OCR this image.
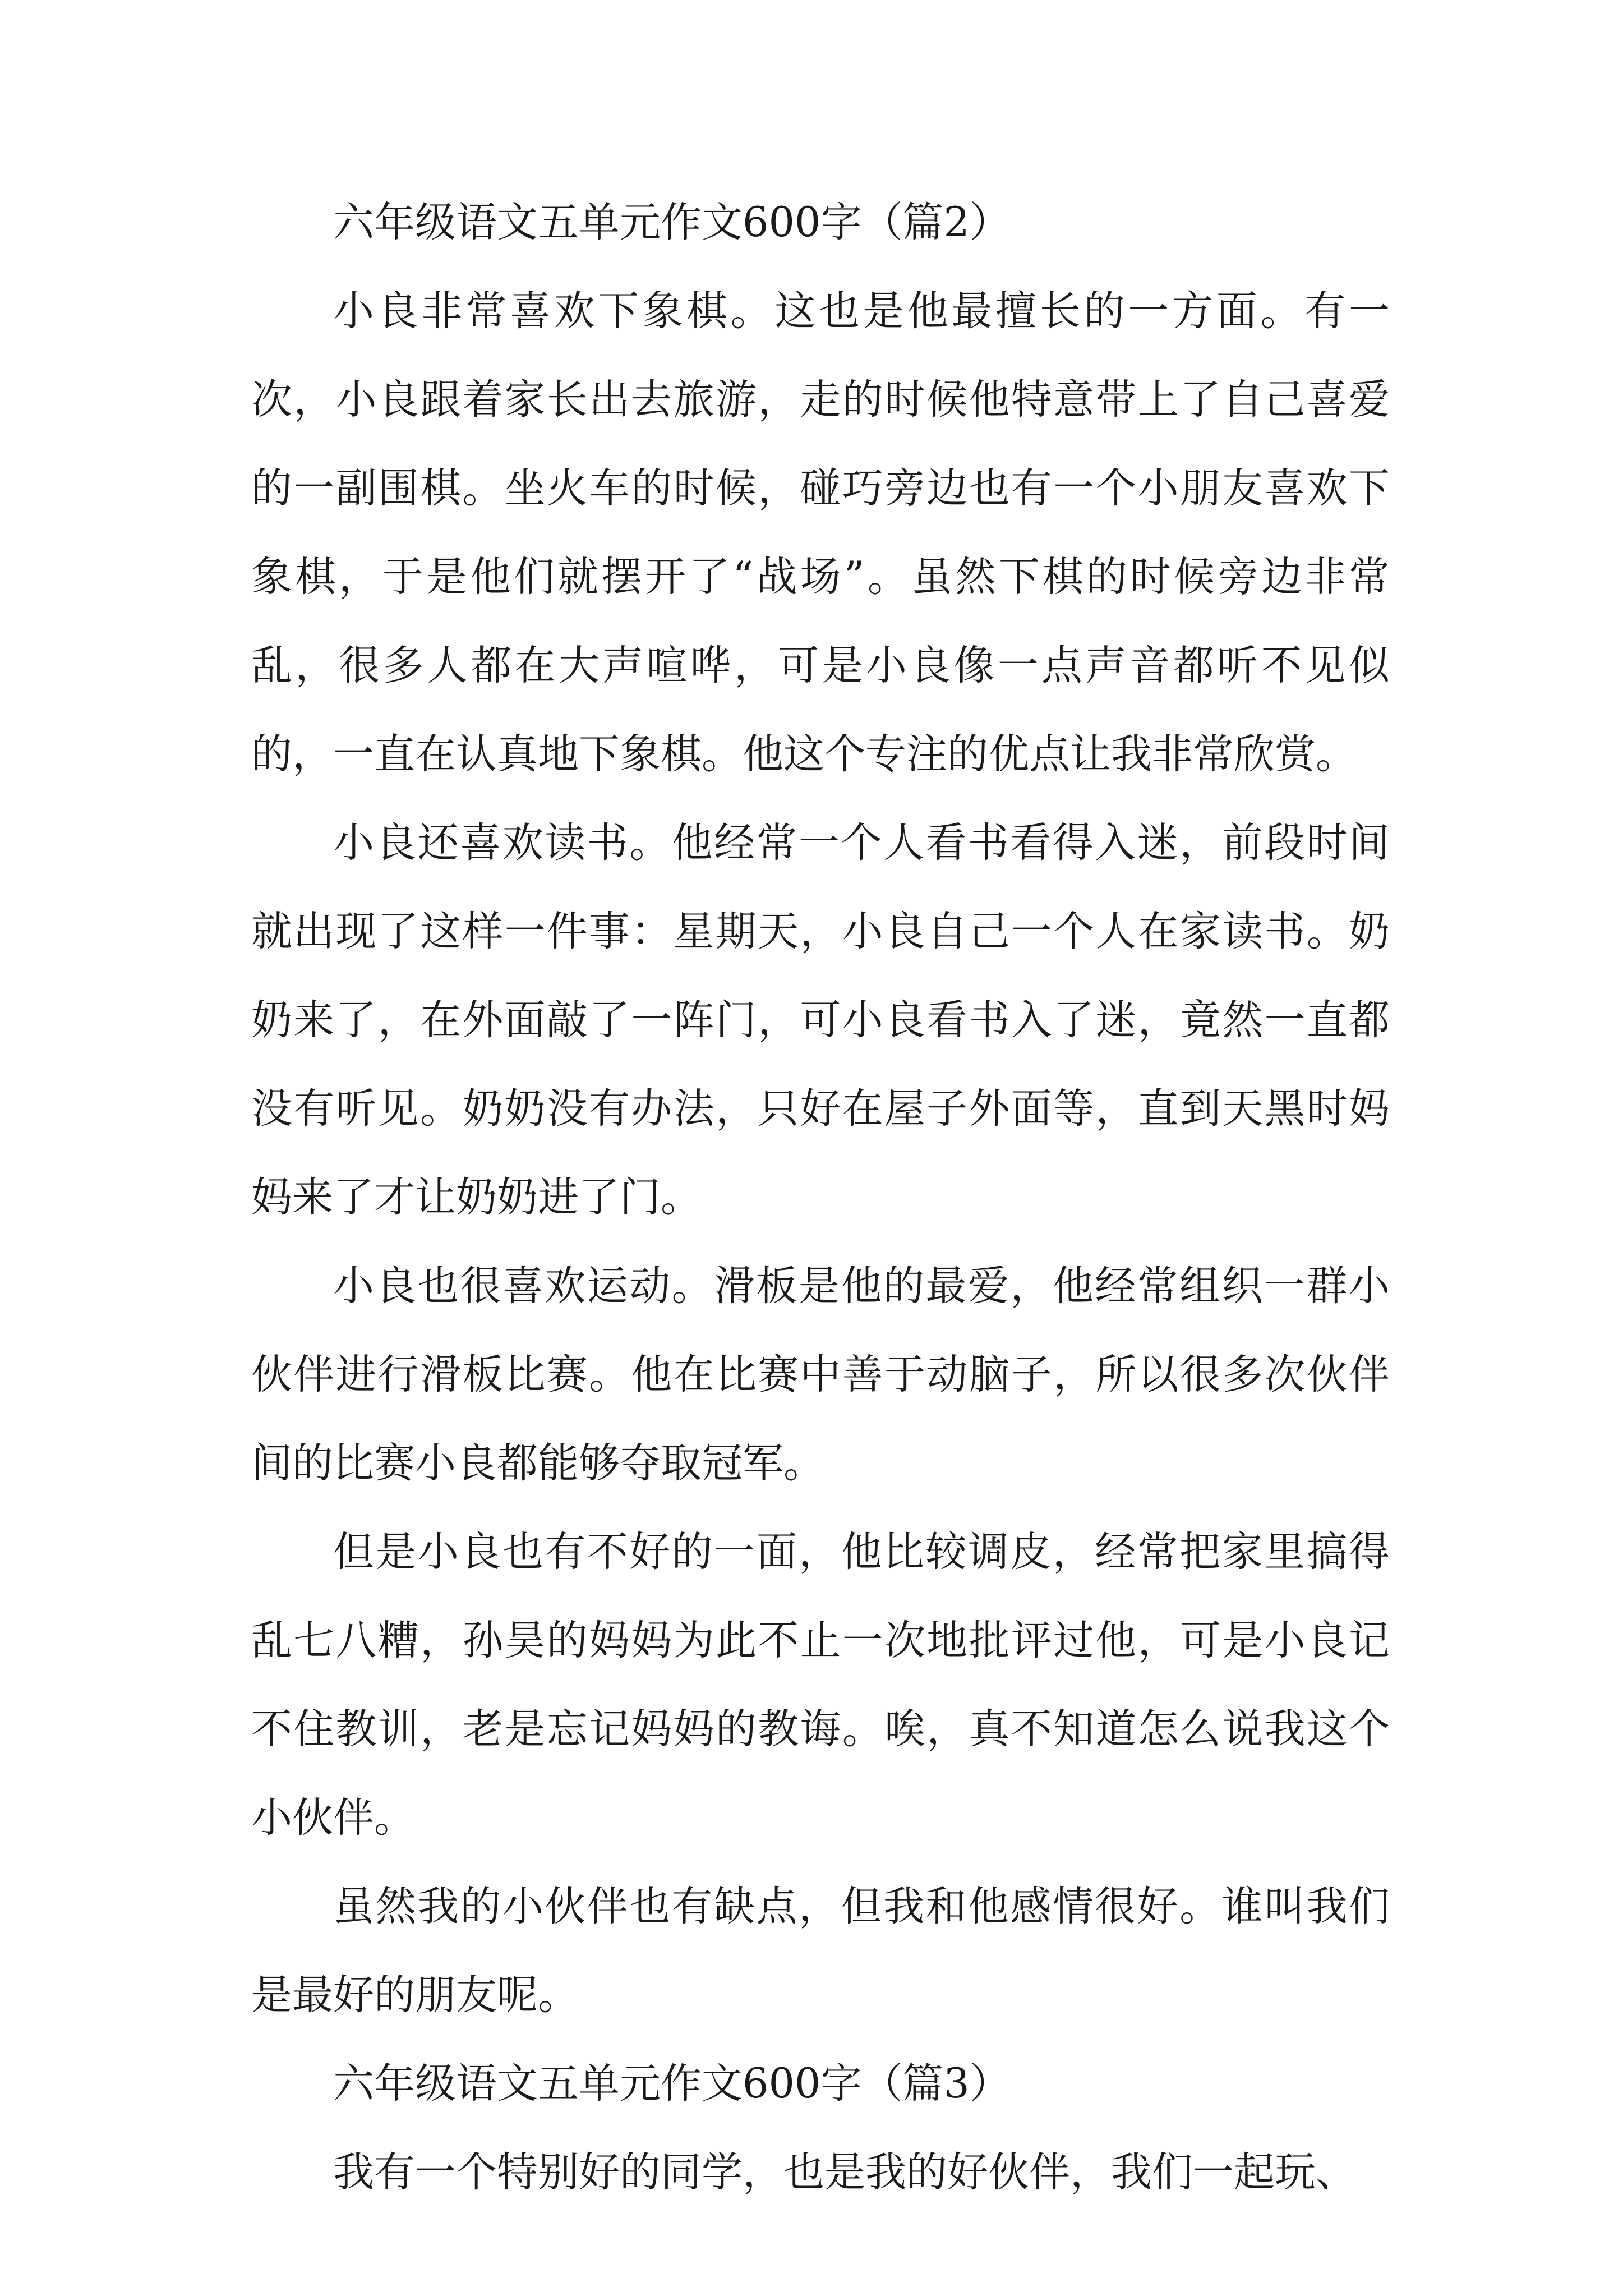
六年级语文五单元作文600字（篇2）

小良非常喜欢下象棋。这也是他最擅长的一方面。有一次，小良跟着家长出去旅游，走的时候他特意带上了自己喜爱的一副围棋。坐火车的时候，碰巧旁边也有一个小朋友喜欢下象棋，于是他们就摆开了“战场”。虽然下棋的时候旁边非常乱，很多人都在大声喧哗，可是小良像一点声音都听不见似的，一直在认真地下象棋。他这个专注的优点让我非常欣赏。

小良还喜欢读书。他经常一个人看书看得入迷，前段时间就出现了这样一件事：星期天，小良自己一个人在家读书。奶奶来了，在外面敲了一阵门，可小良看书入了迷，竟然一直都没有听见。奶奶没有办法，只好在屋子外面等，直到天黑时妈妈来了才让奶奶进了门。

小良也很喜欢运动。滑板是他的最爱，他经常组织一群小伙伴进行滑板比赛。他在比赛中善于动脑子，所以很多次伙伴间的比赛小良都能够夺取冠军。

但是小良也有不好的一面，他比较调皮，经常把家里搞得乱七八糟，孙昊的妈妈为此不止一次地批评过他，可是小良记不住教训，老是忘记妈妈的教诲。唉，真不知道怎么说我这个小伙伴。

虽然我的小伙伴也有缺点，但我和他感情很好。谁叫我们是最好的朋友呢。

六年级语文五单元作文600字（篇3）

我有一个特别好的同学，也是我的好伙伴，我们一起玩、
